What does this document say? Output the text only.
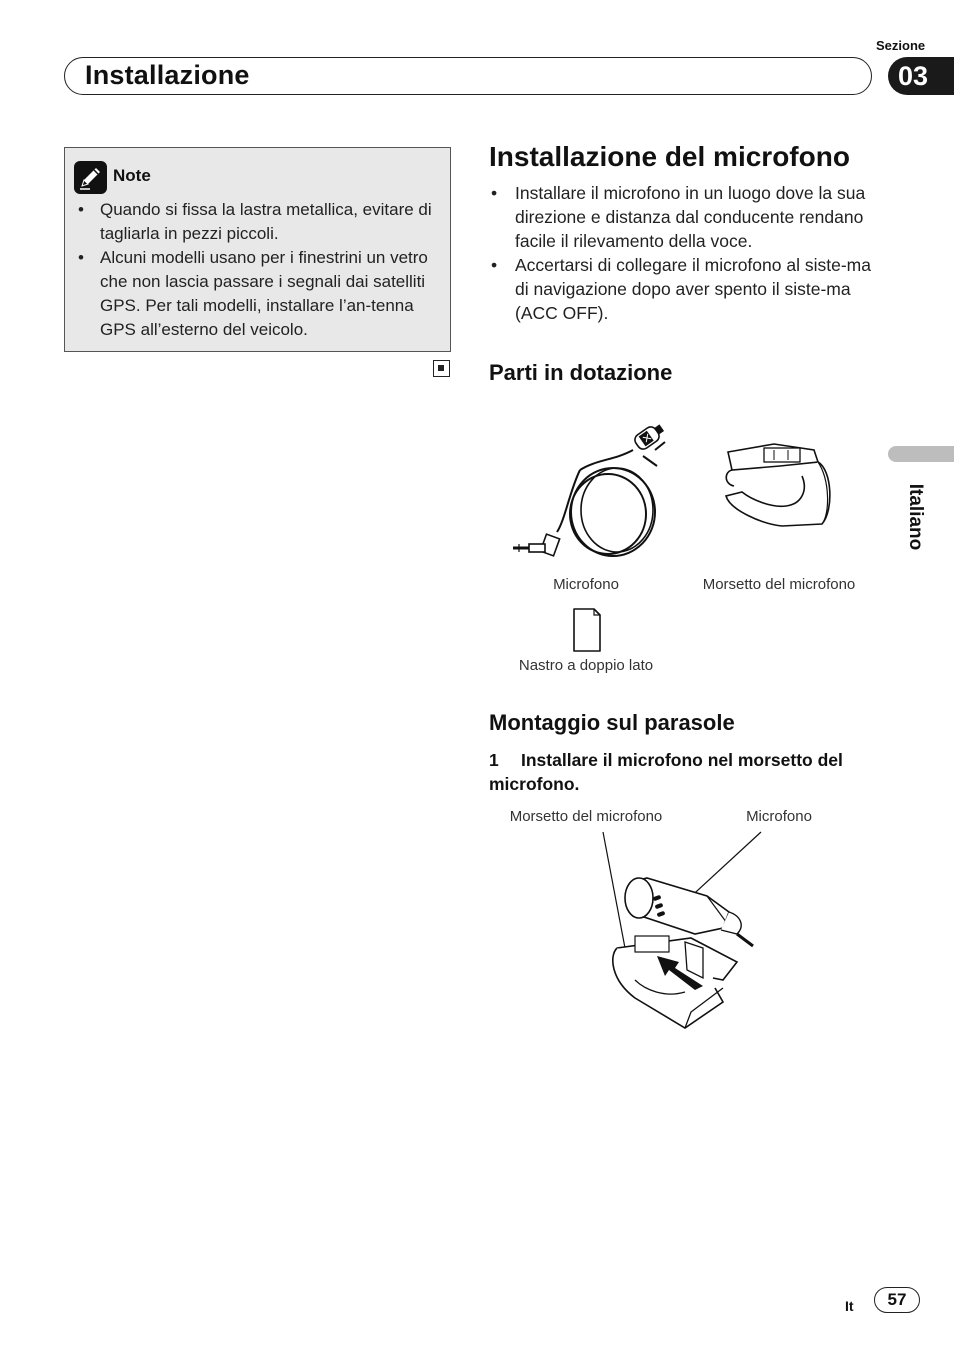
Sezione
Installazione	03
Note
• Quando si fissa la lastra metallica, evitare di tagliarla in pezzi piccoli.
• Alcuni modelli usano per i finestrini un vetro che non lascia passare i segnali dai satelliti GPS. Per tali modelli, installare l’an-tenna GPS all’esterno del veicolo.
Installazione del microfono
• Installare il microfono in un luogo dove la sua direzione e distanza dal conducente rendano facile il rilevamento della voce.
• Accertarsi di collegare il microfono al siste-ma di navigazione dopo aver spento il siste-ma (ACC OFF).
Parti in dotazione
Microfono	Morsetto del microfono
Nastro a doppio lato
Montaggio sul parasole
1 Installare il microfono nel morsetto del microfono.
Morsetto del microfono	Microfono
Italiano
It	57
